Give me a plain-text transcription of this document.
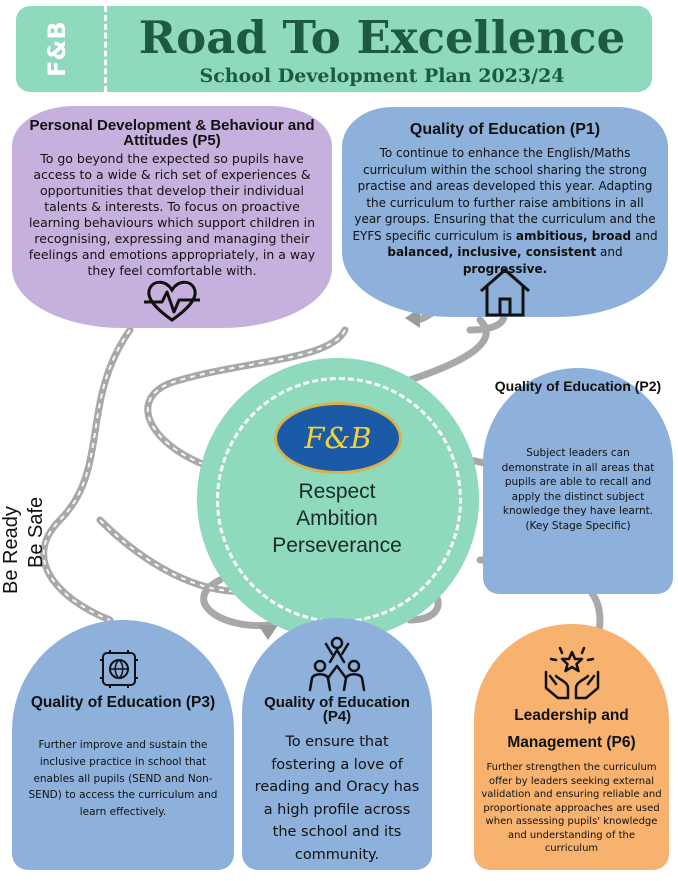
F&B	Road To Excellence
School Development Plan 2023/24
Personal Development & Behaviour and Attitudes (P5)
To go beyond the expected so pupils have access to a wide & rich set of experiences & opportunities that develop their individual talents & interests. To focus on proactive learning behaviours which support children in recognising, expressing and managing their feelings and emotions appropriately, in a way they feel comfortable with.
Quality of Education (P1)
To continue to enhance the English/Maths curriculum within the school sharing the strong practise and areas developed this year. Adapting the curriculum to further raise ambitions in all year groups. Ensuring that the curriculum and the EYFS specific curriculum is ambitious, broad and balanced, inclusive, consistent and progressive.
Quality of Education (P2)
Subject leaders can demonstrate in all areas that pupils are able to recall and apply the distinct subject knowledge they have learnt. (Key Stage Specific)
F&B
Respect
Ambition
Perseverance
Be Ready Be Safe
Quality of Education (P3)
Further improve and sustain the inclusive practice in school that enables all pupils (SEND and Non-SEND) to access the curriculum and learn effectively.
Quality of Education (P4)
To ensure that fostering a love of reading and Oracy has a high profile across the school and its community.
Leadership and Management (P6)
Further strengthen the curriculum offer by leaders seeking external validation and ensuring reliable and proportionate approaches are used when assessing pupils' knowledge and understanding of the curriculum
